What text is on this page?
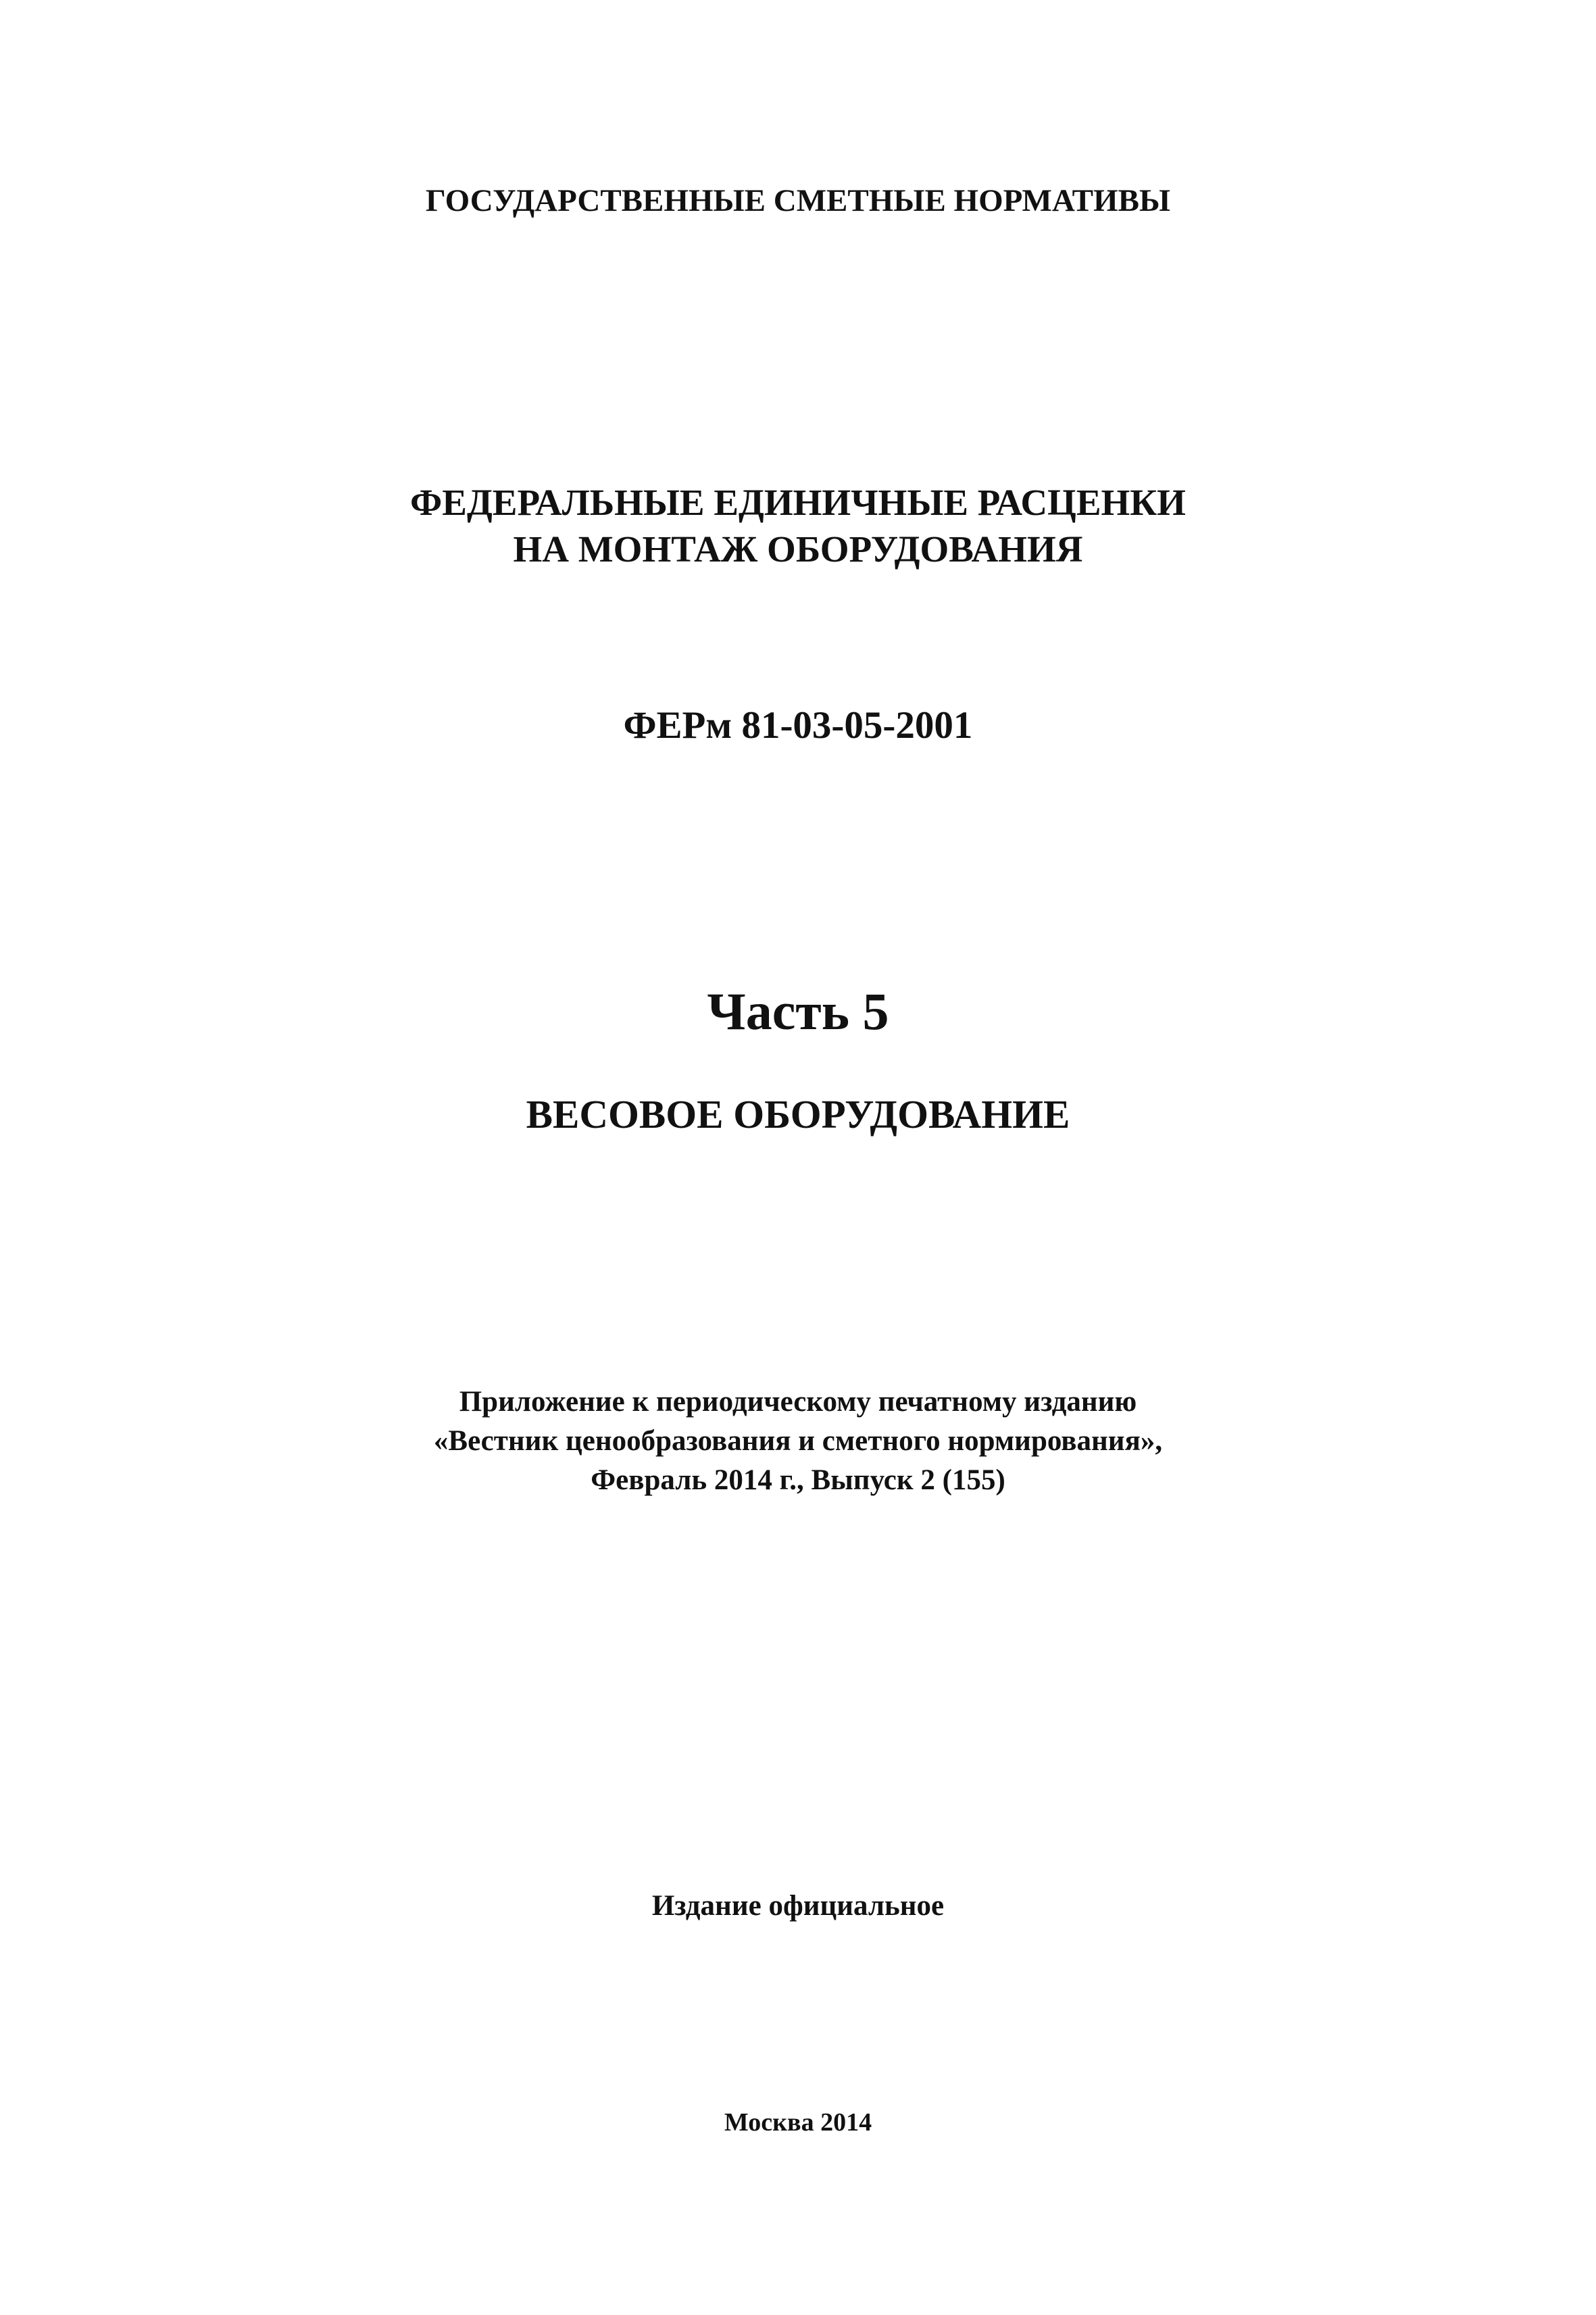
ГОСУДАРСТВЕННЫЕ СМЕТНЫЕ НОРМАТИВЫ
ФЕДЕРАЛЬНЫЕ ЕДИНИЧНЫЕ РАСЦЕНКИ
НА МОНТАЖ ОБОРУДОВАНИЯ
ФЕРм 81-03-05-2001
Часть 5
ВЕСОВОЕ ОБОРУДОВАНИЕ
Приложение к периодическому печатному изданию
«Вестник ценообразования и сметного нормирования»,
Февраль 2014 г., Выпуск 2 (155)
Издание официальное
Москва 2014
